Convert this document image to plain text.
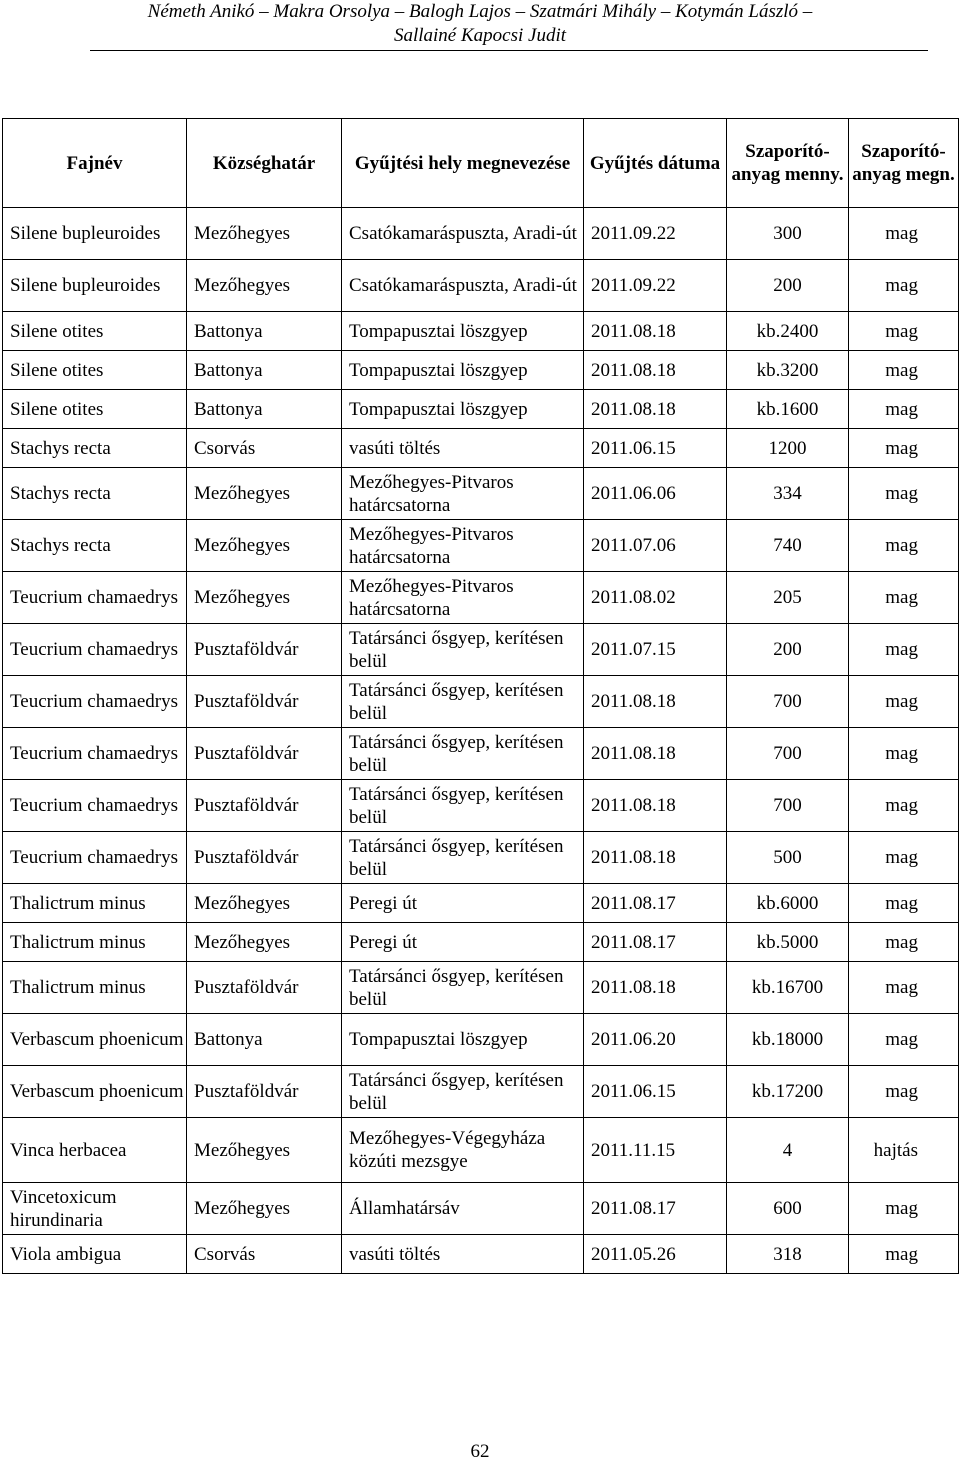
Németh Anikó – Makra Orsolya – Balogh Lajos – Szatmári Mihály – Kotymán László –
Sallainé Kapocsi Judit
Fajnév	Községhatár	Gyűjtési hely megnevezése	Gyűjtés dátuma	Szaporító-anyag menny.	Szaporító-anyag megn.
Silene bupleuroides	Mezőhegyes	Csatókamaráspuszta, Aradi-út	2011.09.22	300	mag
Silene bupleuroides	Mezőhegyes	Csatókamaráspuszta, Aradi-út	2011.09.22	200	mag
Silene otites	Battonya	Tompapusztai löszgyep	2011.08.18	kb.2400	mag
Silene otites	Battonya	Tompapusztai löszgyep	2011.08.18	kb.3200	mag
Silene otites	Battonya	Tompapusztai löszgyep	2011.08.18	kb.1600	mag
Stachys recta	Csorvás	vasúti töltés	2011.06.15	1200	mag
Stachys recta	Mezőhegyes	Mezőhegyes-Pitvaros határcsatorna	2011.06.06	334	mag
Stachys recta	Mezőhegyes	Mezőhegyes-Pitvaros határcsatorna	2011.07.06	740	mag
Teucrium chamaedrys	Mezőhegyes	Mezőhegyes-Pitvaros határcsatorna	2011.08.02	205	mag
Teucrium chamaedrys	Pusztaföldvár	Tatársánci ősgyep, kerítésen belül	2011.07.15	200	mag
Teucrium chamaedrys	Pusztaföldvár	Tatársánci ősgyep, kerítésen belül	2011.08.18	700	mag
Teucrium chamaedrys	Pusztaföldvár	Tatársánci ősgyep, kerítésen belül	2011.08.18	700	mag
Teucrium chamaedrys	Pusztaföldvár	Tatársánci ősgyep, kerítésen belül	2011.08.18	700	mag
Teucrium chamaedrys	Pusztaföldvár	Tatársánci ősgyep, kerítésen belül	2011.08.18	500	mag
Thalictrum minus	Mezőhegyes	Peregi út	2011.08.17	kb.6000	mag
Thalictrum minus	Mezőhegyes	Peregi út	2011.08.17	kb.5000	mag
Thalictrum minus	Pusztaföldvár	Tatársánci ősgyep, kerítésen belül	2011.08.18	kb.16700	mag
Verbascum phoenicum	Battonya	Tompapusztai löszgyep	2011.06.20	kb.18000	mag
Verbascum phoenicum	Pusztaföldvár	Tatársánci ősgyep, kerítésen belül	2011.06.15	kb.17200	mag
Vinca herbacea	Mezőhegyes	Mezőhegyes-Végegyháza közúti mezsgye	2011.11.15	4	hajtás
Vincetoxicum hirundinaria	Mezőhegyes	Államhatársáv	2011.08.17	600	mag
Viola ambigua	Csorvás	vasúti töltés	2011.05.26	318	mag
62
